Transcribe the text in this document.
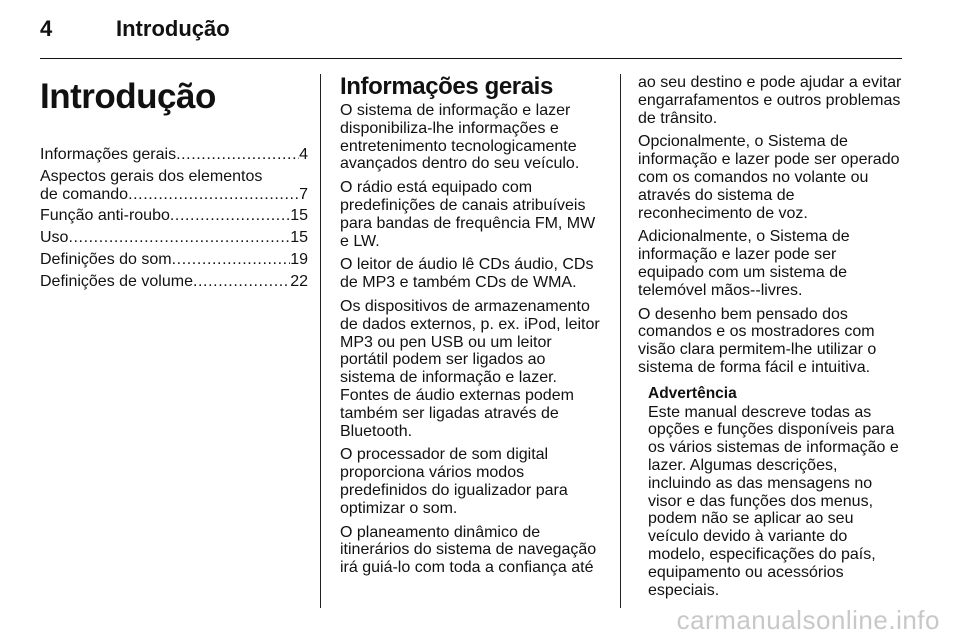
4	Introdução
Introdução
Informações gerais .....	4
Aspectos gerais dos elementos
de comando .....	7
Função anti-roubo .....	15
Uso .....	15
Definições do som .....	19
Definições de volume .....	22
Informações gerais

O sistema de informação e lazer disponibiliza-lhe informações e entretenimento tecnologicamente avançados dentro do seu veículo.

O rádio está equipado com predefinições de canais atribuíveis para bandas de frequência FM, MW e LW.

O leitor de áudio lê CDs áudio, CDs de MP3 e também CDs de WMA.

Os dispositivos de armazenamento de dados externos, p. ex. iPod, leitor MP3 ou pen USB ou um leitor portátil podem ser ligados ao sistema de informação e lazer. Fontes de áudio externas podem também ser ligadas através de Bluetooth.

O processador de som digital proporciona vários modos predefinidos do igualizador para optimizar o som.

O planeamento dinâmico de itinerários do sistema de navegação irá guiá-lo com toda a confiança até

ao seu destino e pode ajudar a evitar engarrafamentos e outros problemas de trânsito.

Opcionalmente, o Sistema de informação e lazer pode ser operado com os comandos no volante ou através do sistema de reconhecimento de voz.

Adicionalmente, o Sistema de informação e lazer pode ser equipado com um sistema de telemóvel mãos--livres.

O desenho bem pensado dos comandos e os mostradores com visão clara permitem-lhe utilizar o sistema de forma fácil e intuitiva.

Advertência

Este manual descreve todas as opções e funções disponíveis para os vários sistemas de informação e lazer. Algumas descrições, incluindo as das mensagens no visor e das funções dos menus, podem não se aplicar ao seu veículo devido à variante do modelo, especificações do país, equipamento ou acessórios especiais.

carmanualsonline.info
